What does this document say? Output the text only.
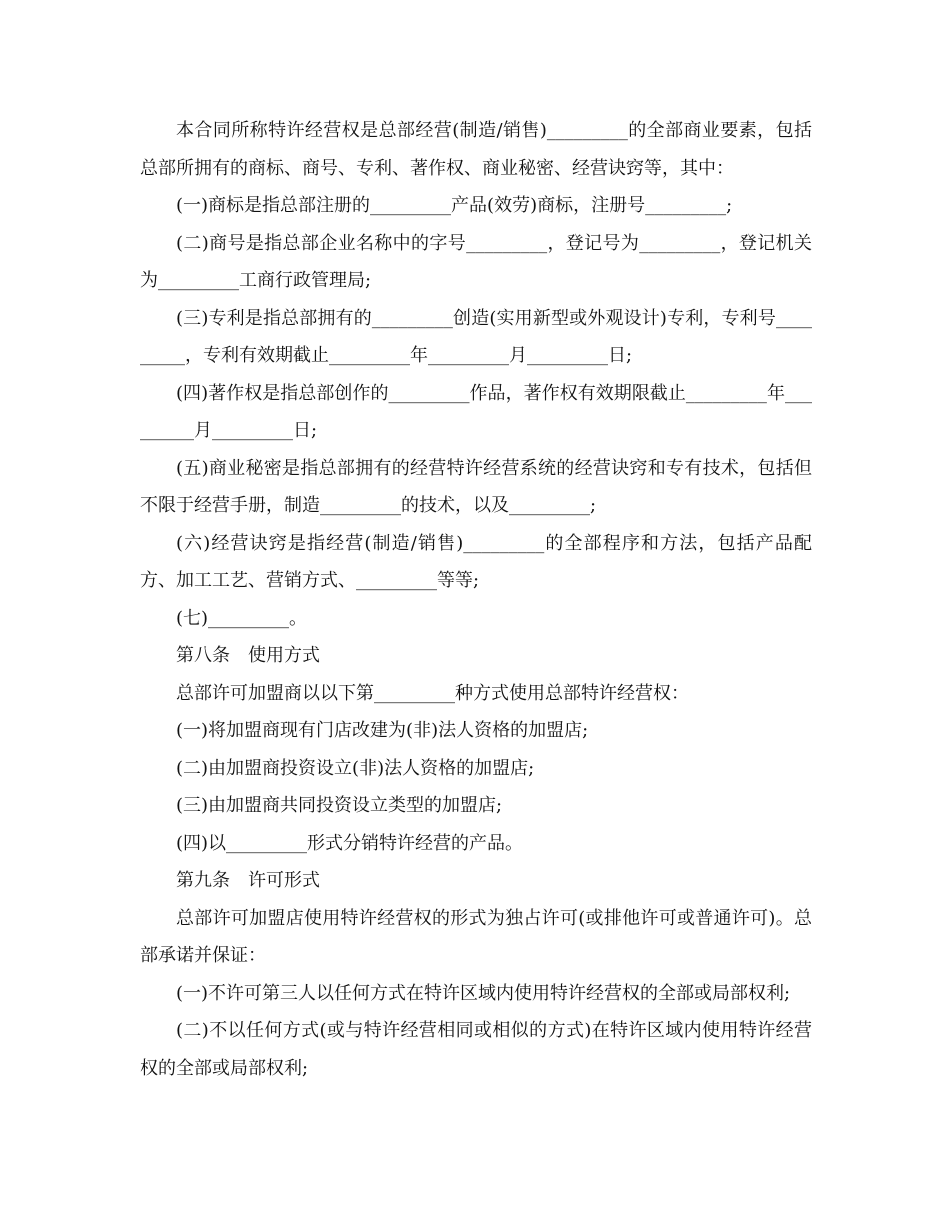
本合同所称特许经营权是总部经营(制造/销售)_________的全部商业要素，包括总部所拥有的商标、商号、专利、著作权、商业秘密、经营诀窍等，其中：

(一)商标是指总部注册的_________产品(效劳)商标，注册号_________;

(二)商号是指总部企业名称中的字号_________，登记号为_________，登记机关为_________工商行政管理局;

(三)专利是指总部拥有的_________创造(实用新型或外观设计)专利，专利号_________，专利有效期截止_________年_________月_________日;

(四)著作权是指总部创作的_________作品，著作权有效期限截止_________年_________月_________日;

(五)商业秘密是指总部拥有的经营特许经营系统的经营诀窍和专有技术，包括但不限于经营手册，制造_________的技术，以及_________;

(六)经营诀窍是指经营(制造/销售)_________的全部程序和方法，包括产品配方、加工工艺、营销方式、_________等等;

(七)_________。

第八条　使用方式

总部许可加盟商以以下第_________种方式使用总部特许经营权：

(一)将加盟商现有门店改建为(非)法人资格的加盟店;

(二)由加盟商投资设立(非)法人资格的加盟店;

(三)由加盟商共同投资设立类型的加盟店;

(四)以_________形式分销特许经营的产品。

第九条　许可形式

总部许可加盟店使用特许经营权的形式为独占许可(或排他许可或普通许可)。总部承诺并保证：

(一)不许可第三人以任何方式在特许区域内使用特许经营权的全部或局部权利;

(二)不以任何方式(或与特许经营相同或相似的方式)在特许区域内使用特许经营权的全部或局部权利;
